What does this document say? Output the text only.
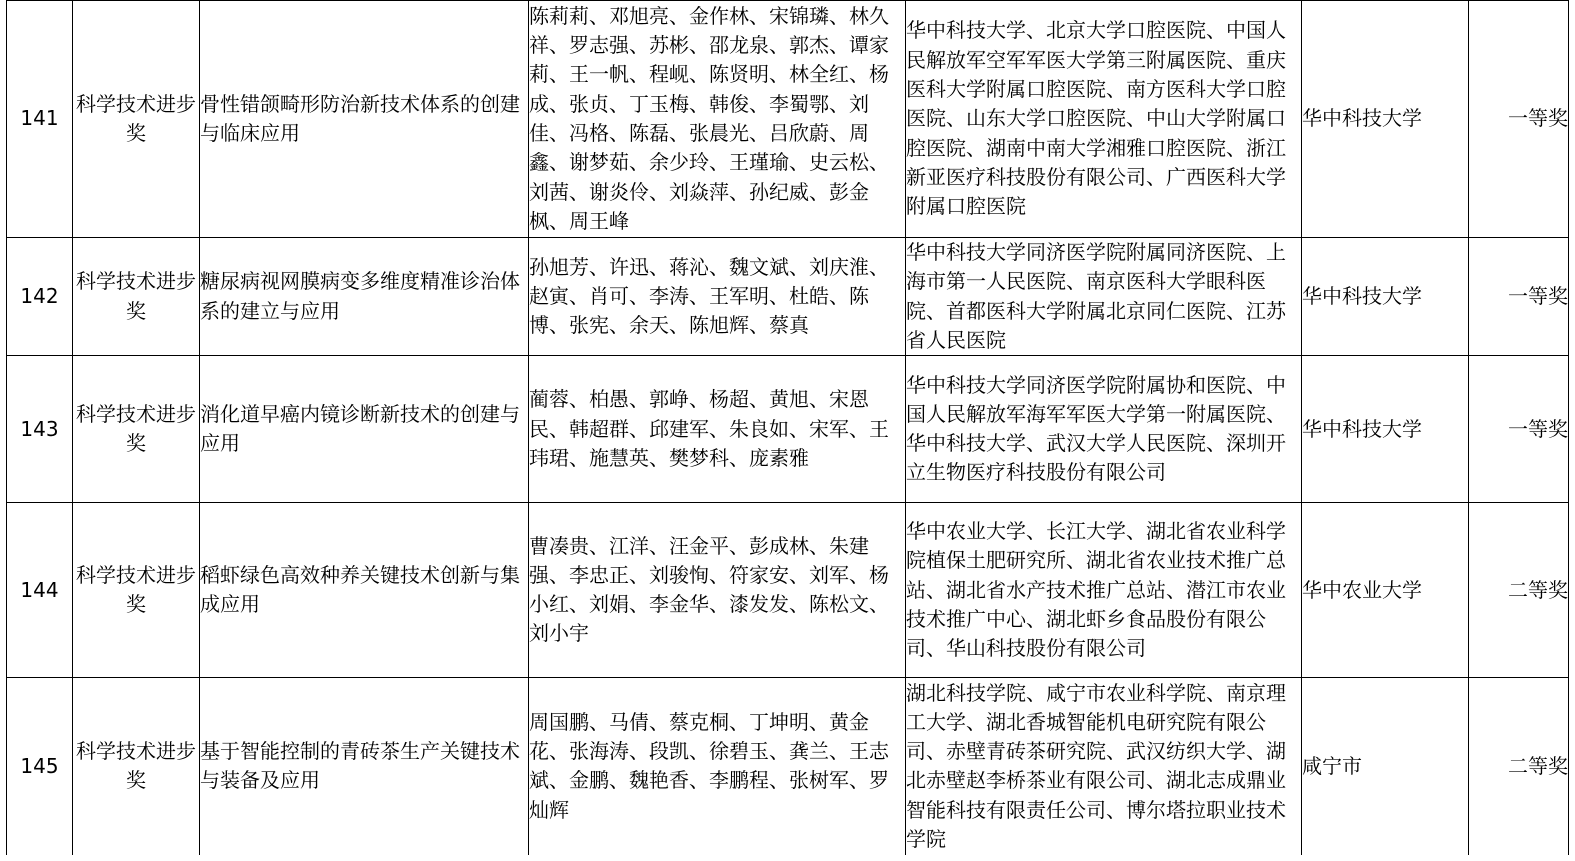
141	科学技术进步奖	骨性错颌畸形防治新技术体系的创建与临床应用	陈莉莉、邓旭亮、金作林、宋锦璘、林久祥、罗志强、苏彬、邵龙泉、郭杰、谭家莉、王一帆、程岘、陈贤明、林全红、杨成、张贞、丁玉梅、韩俊、李蜀鄂、刘佳、冯格、陈磊、张晨光、吕欣蔚、周鑫、谢梦茹、余少玲、王瑾瑜、史云松、刘茜、谢炎伶、刘焱萍、孙纪威、彭金枫、周王峰	华中科技大学、北京大学口腔医院、中国人民解放军空军军医大学第三附属医院、重庆医科大学附属口腔医院、南方医科大学口腔医院、山东大学口腔医院、中山大学附属口腔医院、湖南中南大学湘雅口腔医院、浙江新亚医疗科技股份有限公司、广西医科大学附属口腔医院	华中科技大学	一等奖

142	科学技术进步奖	糖尿病视网膜病变多维度精准诊治体系的建立与应用	孙旭芳、许迅、蒋沁、魏文斌、刘庆淮、赵寅、肖可、李涛、王军明、杜皓、陈博、张宪、余天、陈旭辉、蔡真	华中科技大学同济医学院附属同济医院、上海市第一人民医院、南京医科大学眼科医院、首都医科大学附属北京同仁医院、江苏省人民医院	华中科技大学	一等奖

143	科学技术进步奖	消化道早癌内镜诊断新技术的创建与应用	蔺蓉、柏愚、郭峥、杨超、黄旭、宋恩民、韩超群、邱建军、朱良如、宋军、王玮珺、施慧英、樊梦科、庞素雅	华中科技大学同济医学院附属协和医院、中国人民解放军海军军医大学第一附属医院、华中科技大学、武汉大学人民医院、深圳开立生物医疗科技股份有限公司	华中科技大学	一等奖

144	科学技术进步奖	稻虾绿色高效种养关键技术创新与集成应用	曹凑贵、江洋、汪金平、彭成林、朱建强、李忠正、刘骏恂、符家安、刘军、杨小红、刘娟、李金华、漆发发、陈松文、刘小宇	华中农业大学、长江大学、湖北省农业科学院植保土肥研究所、湖北省农业技术推广总站、湖北省水产技术推广总站、潜江市农业技术推广中心、湖北虾乡食品股份有限公司、华山科技股份有限公司	华中农业大学	二等奖

145	科学技术进步奖	基于智能控制的青砖茶生产关键技术与装备及应用	周国鹏、马倩、蔡克桐、丁坤明、黄金花、张海涛、段凯、徐碧玉、龚兰、王志斌、金鹏、魏艳香、李鹏程、张树军、罗灿辉	湖北科技学院、咸宁市农业科学院、南京理工大学、湖北香城智能机电研究院有限公司、赤壁青砖茶研究院、武汉纺织大学、湖北赤壁赵李桥茶业有限公司、湖北志成鼎业智能科技有限责任公司、博尔塔拉职业技术学院	咸宁市	二等奖
